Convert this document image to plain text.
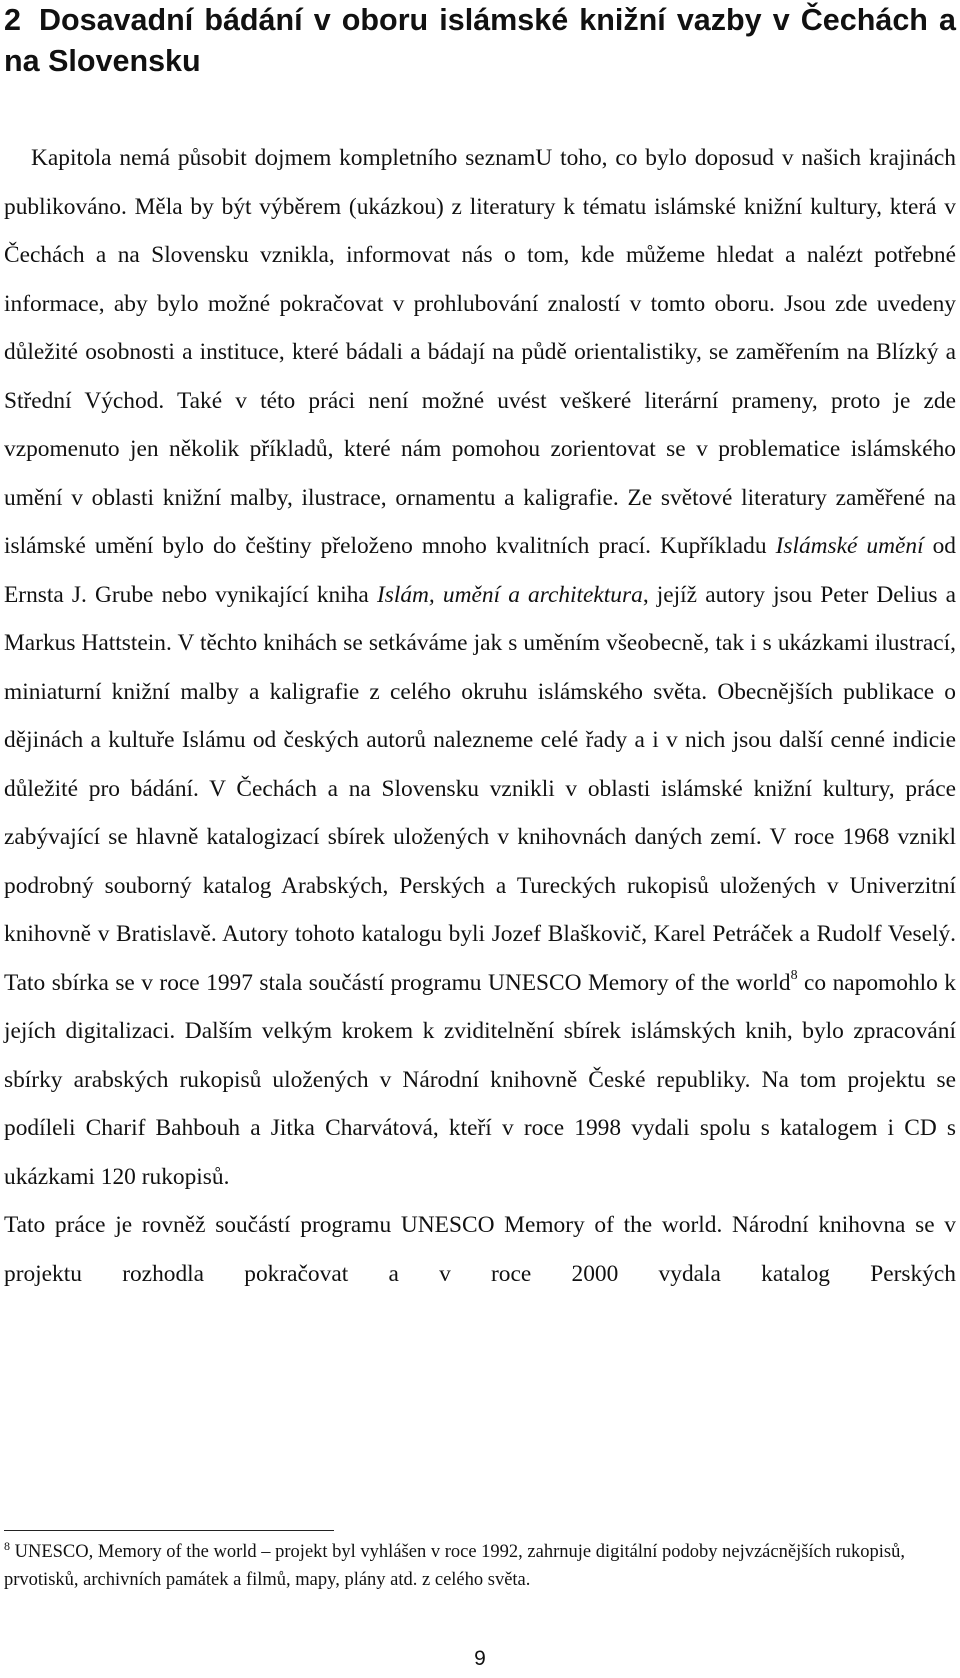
2 Dosavadní bádání v oboru islámské knižní vazby v Čechách a na Slovensku

Kapitola nemá působit dojmem kompletního seznamU toho, co bylo doposud v našich krajinách publikováno. Měla by být výběrem (ukázkou) z literatury k tématu islámské knižní kultury, která v Čechách a na Slovensku vznikla, informovat nás o tom, kde můžeme hledat a nalézt potřebné informace, aby bylo možné pokračovat v prohlubování znalostí v tomto oboru. Jsou zde uvedeny důležité osobnosti a instituce, které bádali a bádají na půdě orientalistiky, se zaměřením na Blízký a Střední Východ. Také v této práci není možné uvést veškeré literární prameny, proto je zde vzpomenuto jen několik příkladů, které nám pomohou zorientovat se v problematice islámského umění v oblasti knižní malby, ilustrace, ornamentu a kaligrafie. Ze světové literatury zaměřené na islámské umění bylo do češtiny přeloženo mnoho kvalitních prací. Kupříkladu Islámské umění od Ernsta J. Grube nebo vynikající kniha Islám, umění a architektura, jejíž autory jsou Peter Delius a Markus Hattstein. V těchto knihách se setkáváme jak s uměním všeobecně, tak i s ukázkami ilustrací, miniaturní knižní malby a kaligrafie z celého okruhu islámského světa. Obecnějších publikace o dějinách a kultuře Islámu od českých autorů nalezneme celé řady a i v nich jsou další cenné indicie důležité pro bádání. V Čechách a na Slovensku vznikli v oblasti islámské knižní kultury, práce zabývající se hlavně katalogizací sbírek uložených v knihovnách daných zemí. V roce 1968 vznikl podrobný souborný katalog Arabských, Perských a Tureckých rukopisů uložených v Univerzitní knihovně v Bratislavě. Autory tohoto katalogu byli Jozef Blaškovič, Karel Petráček a Rudolf Veselý. Tato sbírka se v roce 1997 stala součástí programu UNESCO Memory of the world$^8$ co napomohlo k jejích digitalizaci. Dalším velkým krokem k zviditelnění sbírek islámských knih, bylo zpracování sbírky arabských rukopisů uložených v Národní knihovně České republiky. Na tom projektu se podíleli Charif Bahbouh a Jitka Charvátová, kteří v roce 1998 vydali spolu s katalogem i CD s ukázkami 120 rukopisů.

Tato práce je rovněž součástí programu UNESCO Memory of the world. Národní knihovna se v projektu rozhodla pokračovat a v roce 2000 vydala katalog Perských

$^8$ UNESCO, Memory of the world – projekt byl vyhlášen v roce 1992, zahrnuje digitální podoby nejvzácnějších rukopisů, prvotisků, archivních památek a filmů, mapy, plány atd. z celého světa.

9
